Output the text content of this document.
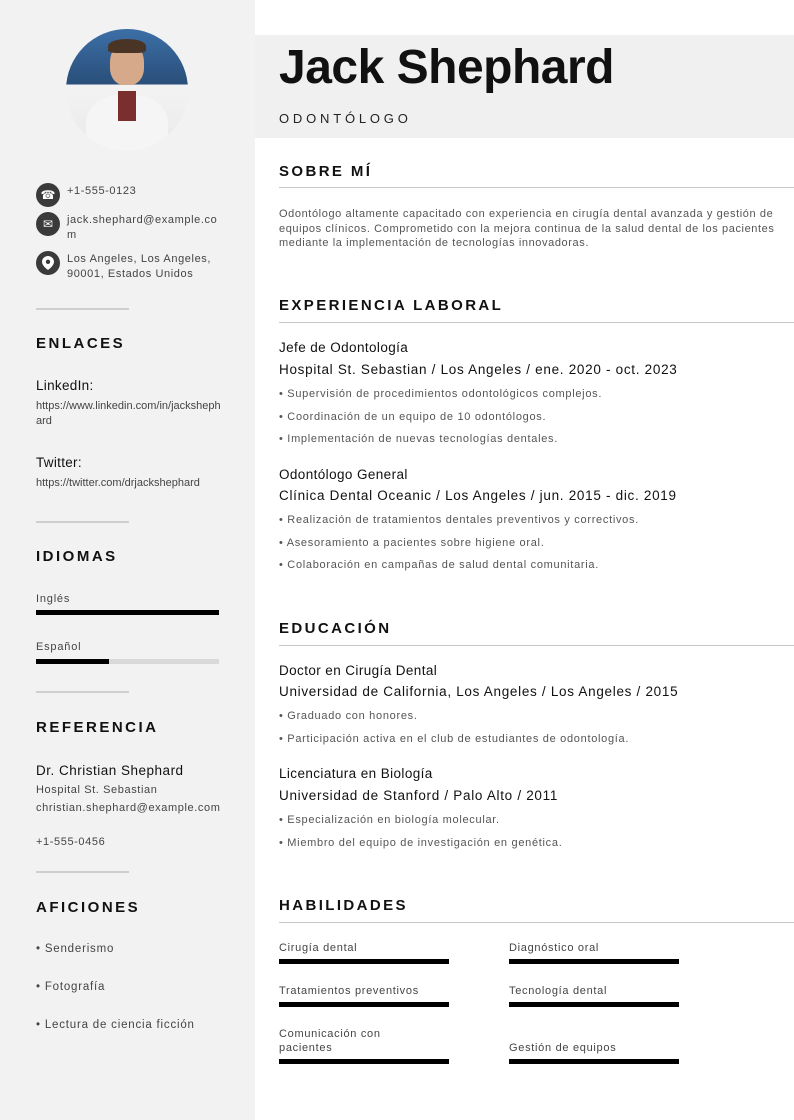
☎	+1-555-0123
✉	jack.shephard@example.com
Los Angeles, Los Angeles, 90001, Estados Unidos
ENLACES
LinkedIn:
https://www.linkedin.com/in/jackshephard
Twitter:
https://twitter.com/drjackshephard
IDIOMAS
Inglés
Español
REFERENCIA
Dr. Christian Shephard
Hospital St. Sebastian
christian.shephard@example.com
+1-555-0456
AFICIONES
• Senderismo
• Fotografía
• Lectura de ciencia ficción
Jack Shephard
ODONTÓLOGO
SOBRE MÍ
Odontólogo altamente capacitado con experiencia en cirugía dental avanzada y gestión de equipos clínicos. Comprometido con la mejora continua de la salud dental de los pacientes mediante la implementación de tecnologías innovadoras.
EXPERIENCIA LABORAL
Jefe de Odontología
Hospital St. Sebastian / Los Angeles / ene. 2020 - oct. 2023
• Supervisión de procedimientos odontológicos complejos.
• Coordinación de un equipo de 10 odontólogos.
• Implementación de nuevas tecnologías dentales.
Odontólogo General
Clínica Dental Oceanic / Los Angeles / jun. 2015 - dic. 2019
• Realización de tratamientos dentales preventivos y correctivos.
• Asesoramiento a pacientes sobre higiene oral.
• Colaboración en campañas de salud dental comunitaria.
EDUCACIÓN
Doctor en Cirugía Dental
Universidad de California, Los Angeles / Los Angeles / 2015
• Graduado con honores.
• Participación activa en el club de estudiantes de odontología.
Licenciatura en Biología
Universidad de Stanford / Palo Alto / 2011
• Especialización en biología molecular.
• Miembro del equipo de investigación en genética.
HABILIDADES
Cirugía dental	Diagnóstico oral
Tratamientos preventivos	Tecnología dental
Comunicación con pacientes	Gestión de equipos
